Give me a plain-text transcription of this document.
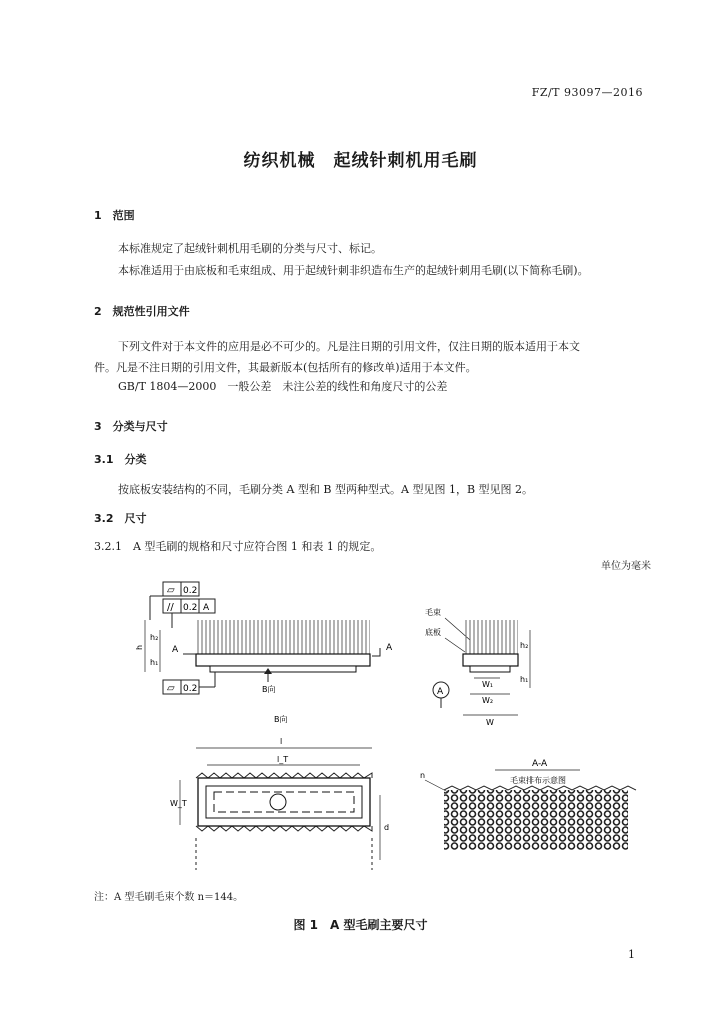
FZ/T 93097—2016
纺织机械　起绒针刺机用毛刷
1　范围
本标准规定了起绒针刺机用毛刷的分类与尺寸、标记。
本标准适用于由底板和毛束组成、用于起绒针刺非织造布生产的起绒针刺用毛刷(以下简称毛刷)。
2　规范性引用文件
下列文件对于本文件的应用是必不可少的。凡是注日期的引用文件，仅注日期的版本适用于本文
件。凡是不注日期的引用文件，其最新版本(包括所有的修改单)适用于本文件。
GB/T 1804—2000　一般公差　未注公差的线性和角度尺寸的公差
3　分类与尺寸
3.1　分类
按底板安装结构的不同，毛刷分类 A 型和 B 型两种型式。A 型见图 1，B 型见图 2。
3.2　尺寸
3.2.1　A 型毛刷的规格和尺寸应符合图 1 和表 1 的规定。
单位为毫米
▱ 0.2
// 0.2 A
h
h₂
h₁
A	A
▱ 0.2	B向
B向
毛束
底板
h₂
h₁
A
W₁
W₂
W
l
l_T
W_T
d
A-A
毛束排布示意图
n
注：A 型毛刷毛束个数 n＝144。
图 1　A 型毛刷主要尺寸
1
